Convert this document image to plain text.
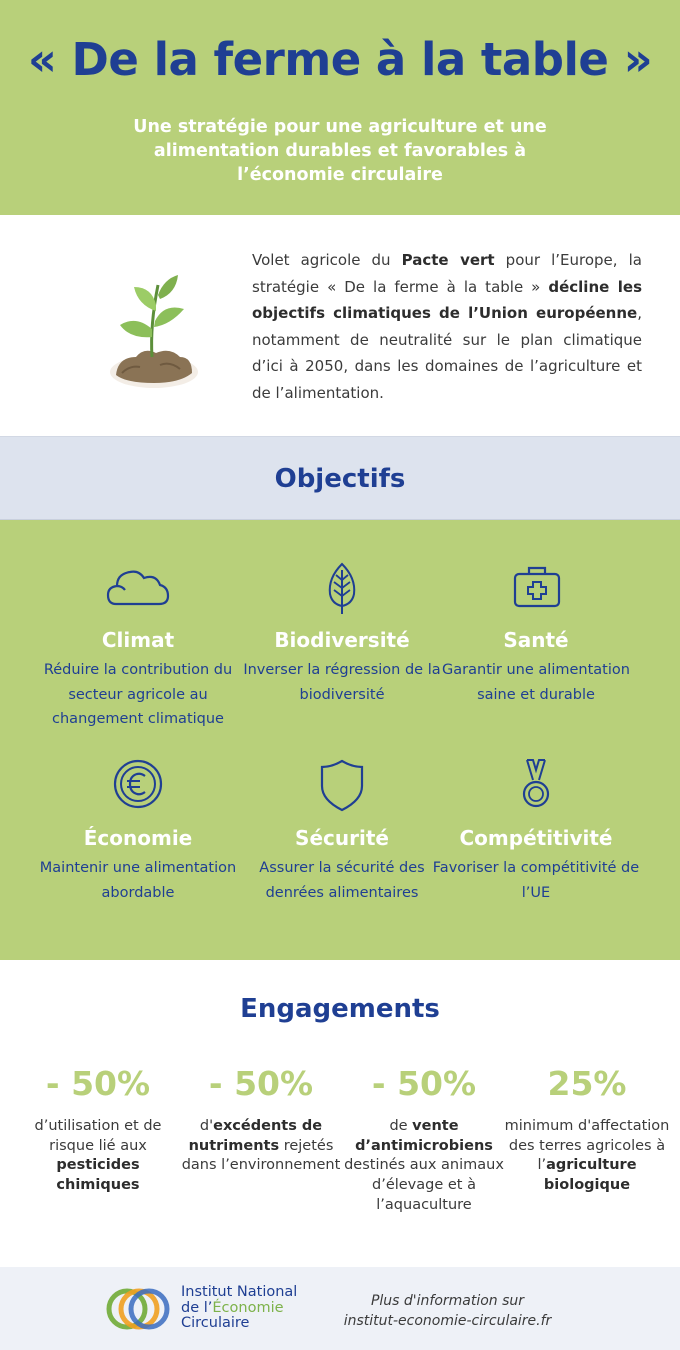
« De la ferme à la table »

Une stratégie pour une agriculture et une alimentation durables et favorables à l’économie circulaire

Volet agricole du Pacte vert pour l’Europe, la stratégie « De la ferme à la table » décline les objectifs climatiques de l’Union européenne, notamment de neutralité sur le plan climatique d’ici à 2050, dans les domaines de l’agriculture et de l’alimentation.

Objectifs
Climat
Réduire la contribution du secteur agricole au changement climatique
Biodiversité
Inverser la régression de la biodiversité
Santé
Garantir une alimentation saine et durable
Économie
Maintenir une alimentation abordable
Sécurité
Assurer la sécurité des denrées alimentaires
Compétitivité
Favoriser la compétitivité de l’UE
Engagements
- 50%
d’utilisation et de risque lié aux pesticides chimiques
- 50%
d'excédents de nutriments rejetés dans l’environnement
- 50%
de vente d’antimicrobiens destinés aux animaux d’élevage et à l’aquaculture
25%
minimum d'affectation des terres agricoles à l’agriculture biologique
Institut National
de l’Économie
Circulaire
Plus d'information sur
institut-economie-circulaire.fr
